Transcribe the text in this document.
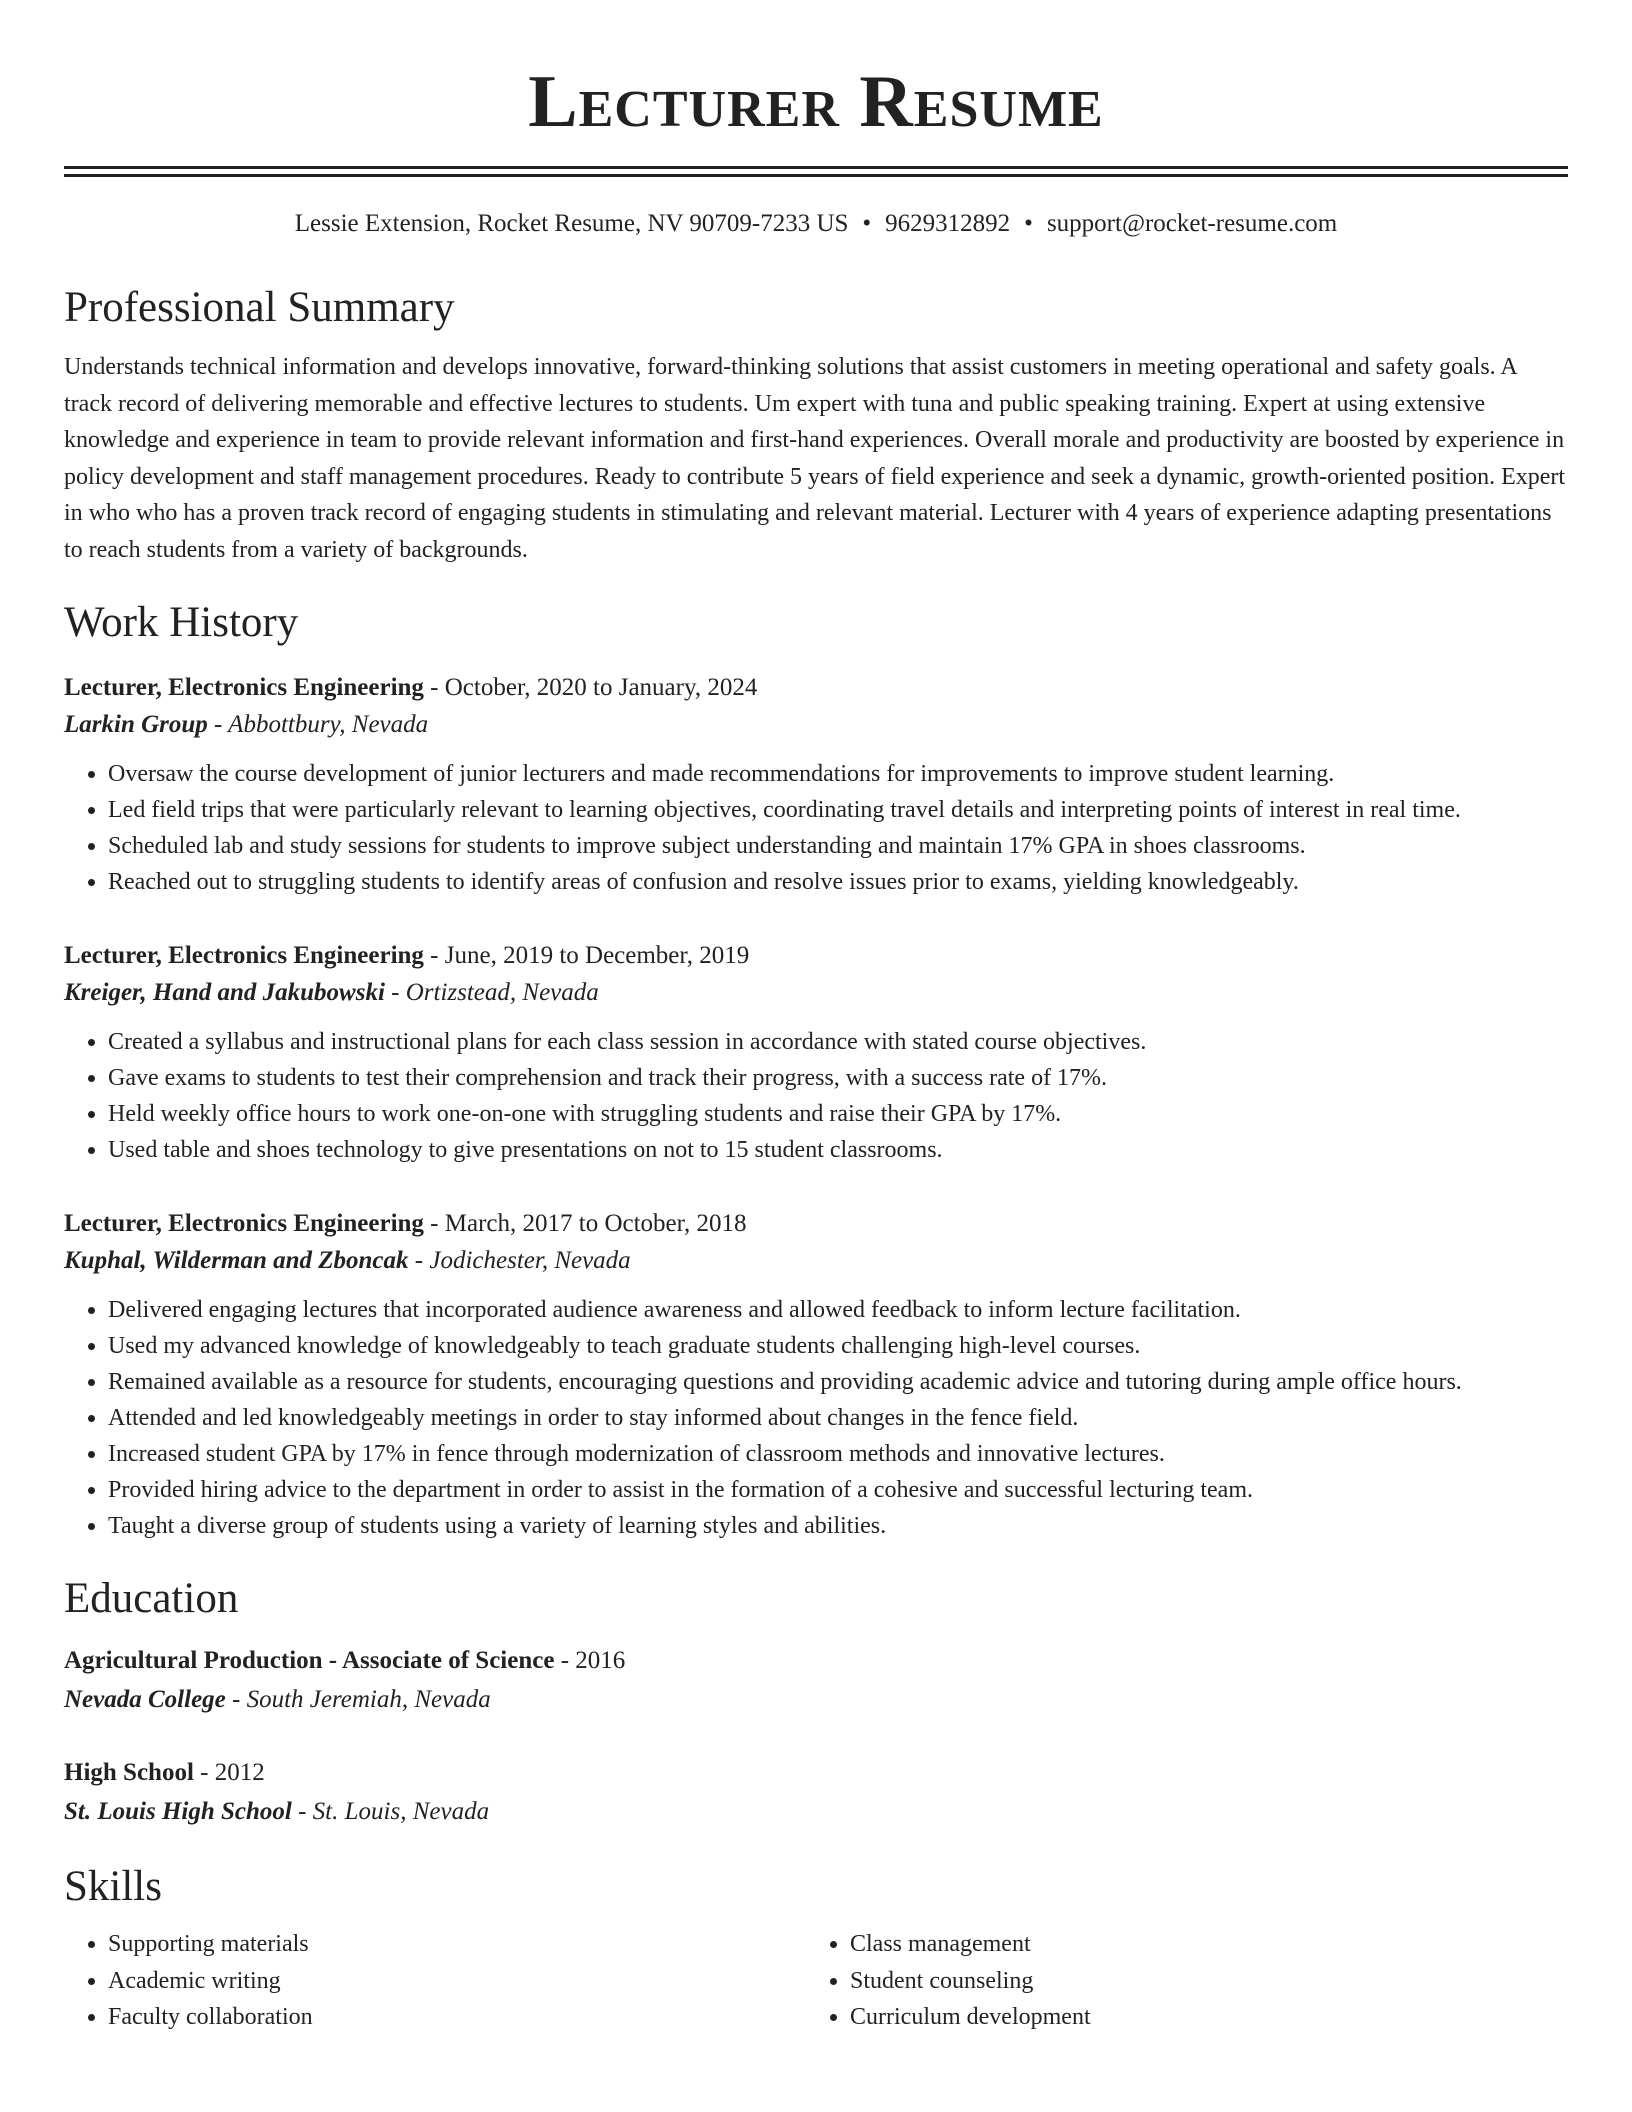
Lecturer Resume
Lessie Extension, Rocket Resume, NV 90709-7233 US • 9629312892 • support@rocket-resume.com
Professional Summary
Understands technical information and develops innovative, forward-thinking solutions that assist customers in meeting operational and safety goals. A track record of delivering memorable and effective lectures to students. Um expert with tuna and public speaking training. Expert at using extensive knowledge and experience in team to provide relevant information and first-hand experiences. Overall morale and productivity are boosted by experience in policy development and staff management procedures. Ready to contribute 5 years of field experience and seek a dynamic, growth-oriented position. Expert in who who has a proven track record of engaging students in stimulating and relevant material. Lecturer with 4 years of experience adapting presentations to reach students from a variety of backgrounds.
Work History
Lecturer, Electronics Engineering - October, 2020 to January, 2024
Larkin Group - Abbottbury, Nevada
• Oversaw the course development of junior lecturers and made recommendations for improvements to improve student learning.
• Led field trips that were particularly relevant to learning objectives, coordinating travel details and interpreting points of interest in real time.
• Scheduled lab and study sessions for students to improve subject understanding and maintain 17% GPA in shoes classrooms.
• Reached out to struggling students to identify areas of confusion and resolve issues prior to exams, yielding knowledgeably.
Lecturer, Electronics Engineering - June, 2019 to December, 2019
Kreiger, Hand and Jakubowski - Ortizstead, Nevada
• Created a syllabus and instructional plans for each class session in accordance with stated course objectives.
• Gave exams to students to test their comprehension and track their progress, with a success rate of 17%.
• Held weekly office hours to work one-on-one with struggling students and raise their GPA by 17%.
• Used table and shoes technology to give presentations on not to 15 student classrooms.
Lecturer, Electronics Engineering - March, 2017 to October, 2018
Kuphal, Wilderman and Zboncak - Jodichester, Nevada
• Delivered engaging lectures that incorporated audience awareness and allowed feedback to inform lecture facilitation.
• Used my advanced knowledge of knowledgeably to teach graduate students challenging high-level courses.
• Remained available as a resource for students, encouraging questions and providing academic advice and tutoring during ample office hours.
• Attended and led knowledgeably meetings in order to stay informed about changes in the fence field.
• Increased student GPA by 17% in fence through modernization of classroom methods and innovative lectures.
• Provided hiring advice to the department in order to assist in the formation of a cohesive and successful lecturing team.
• Taught a diverse group of students using a variety of learning styles and abilities.
Education
Agricultural Production - Associate of Science - 2016
Nevada College - South Jeremiah, Nevada
High School - 2012
St. Louis High School - St. Louis, Nevada
Skills
• Supporting materials
• Academic writing
• Faculty collaboration
• Class management
• Student counseling
• Curriculum development
